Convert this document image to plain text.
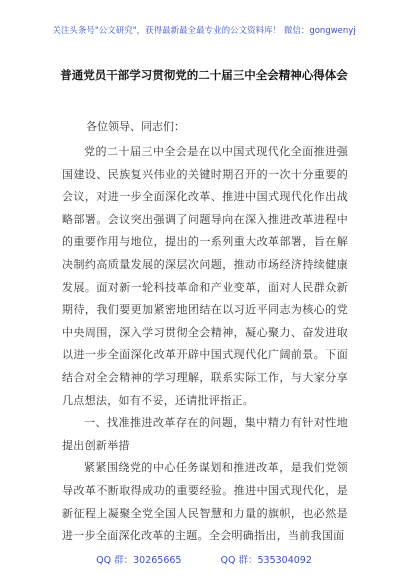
关注头条号"公文研究"，获得最新最全最专业的公文资料库！ 微信：gongwenyj
普通党员干部学习贯彻党的二十届三中全会精神心得体会
各位领导、同志们：

党的二十届三中全会是在以中国式现代化全面推进强国建设、民族复兴伟业的关键时期召开的一次十分重要的会议，对进一步全面深化改革、推进中国式现代化作出战略部署。会议突出强调了问题导向在深入推进改革进程中的重要作用与地位，提出的一系列重大改革部署，旨在解决制约高质量发展的深层次问题，推动市场经济持续健康发展。面对新一轮科技革命和产业变革，面对人民群众新期待，我们要更加紧密地团结在以习近平同志为核心的党中央周围，深入学习贯彻全会精神，凝心聚力、奋发进取以进一步全面深化改革开辟中国式现代化广阔前景。下面结合对全会精神的学习理解，联系实际工作，与大家分享几点想法，如有不妥，还请批评指正。

一、找准推进改革存在的问题，集中精力有针对性地提出创新举措

紧紧围绕党的中心任务谋划和推进改革，是我们党领导改革不断取得成功的重要经验。推进中国式现代化，是新征程上凝聚全党全国人民智慧和力量的旗帜，也必然是进一步全面深化改革的主题。全会明确指出，当前我国面

QQ 群：30265665	QQ 群：535304092
